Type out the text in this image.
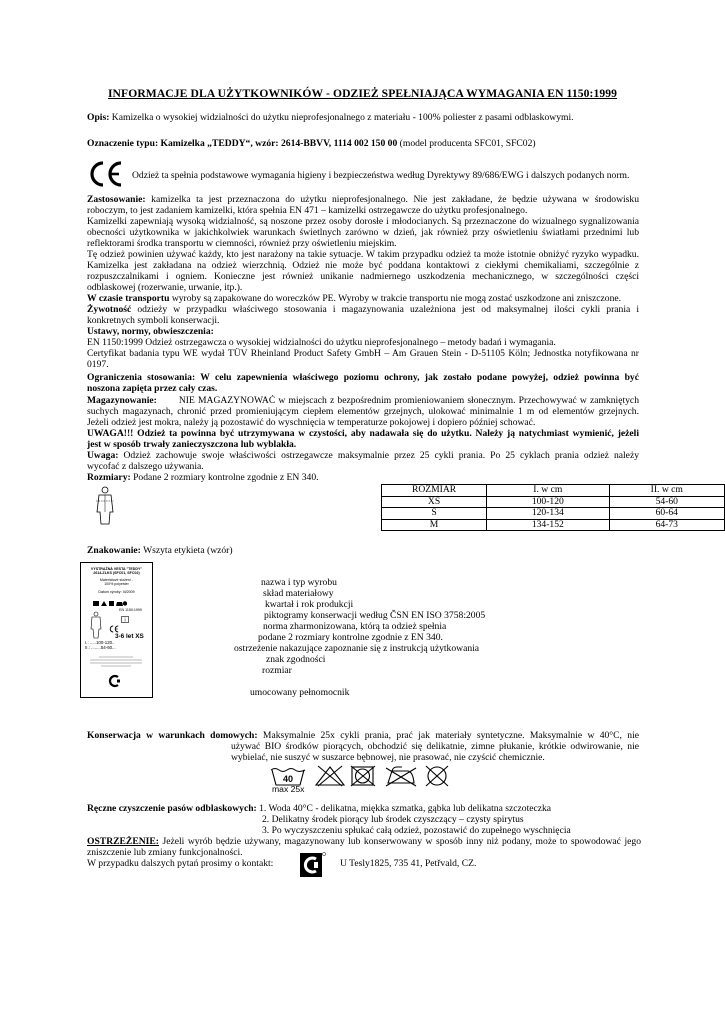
INFORMACJE DLA UŻYTKOWNIKÓW - ODZIEŻ SPEŁNIAJĄCA WYMAGANIA EN 1150:1999
Opis: Kamizelka o wysokiej widzialności do użytku nieprofesjonalnego z materiału - 100% poliester z pasami odblaskowymi.
Oznaczenie typu: Kamizelka „TEDDY“, wzór: 2614-BBVV, 1114 002 150 00 (model producenta SFC01, SFC02)
Odzież ta spełnia podstawowe wymagania higieny i bezpieczeństwa według Dyrektywy 89/686/EWG i dalszych podanych norm.
Zastosowanie: kamizelka ta jest przeznaczona do użytku nieprofesjonalnego. Nie jest zakładane, że będzie używana w środowisku
roboczym, to jest zadaniem kamizelki, która spełnia EN 471 – kamizelki ostrzegawcze do użytku profesjonalnego.
Kamizelki zapewniają wysoką widzialność, są noszone przez osoby dorosłe i młodocianych. Są przeznaczone do wizualnego sygnalizowania
obecności użytkownika w jakichkolwiek warunkach świetlnych zarówno w dzień, jak również przy oświetleniu światłami przednimi lub
reflektorami środka transportu w ciemności, również przy oświetleniu miejskim.
Tę odzież powinien używać każdy, kto jest narażony na takie sytuacje. W takim przypadku odzież ta może istotnie obniżyć ryzyko wypadku.
Kamizelka jest zakładana na odzież wierzchnią. Odzież nie może być poddana kontaktowi z ciekłymi chemikaliami, szczególnie z
rozpuszczalnikami i ogniem. Konieczne jest również unikanie nadmiernego uszkodzenia mechanicznego, w szczególności części
odblaskowej (rozerwanie, urwanie, itp.).
W czasie transportu wyroby są zapakowane do woreczków PE. Wyroby w trakcie transportu nie mogą zostać uszkodzone ani zniszczone.
Żywotność odzieży w przypadku właściwego stosowania i magazynowania uzależniona jest od maksymalnej ilości cykli prania i
konkretnych symboli konserwacji.
Ustawy, normy, obwieszczenia:
EN 1150:1999 Odzież ostrzegawcza o wysokiej widzialności do użytku nieprofesjonalnego – metody badań i wymagania.
Certyfikat badania typu WE wydał TÜV Rheinland Product Safety GmbH – Am Grauen Stein - D-51105 Köln; Jednostka notyfikowana nr
0197.
Ograniczenia stosowania: W celu zapewnienia właściwego poziomu ochrony, jak zostało podane powyżej, odzież powinna być
noszona zapięta przez cały czas.
Magazynowanie:       NIE MAGAZYNOWAĆ w miejscach z bezpośrednim promieniowaniem słonecznym. Przechowywać w zamkniętych
suchych magazynach, chronić przed promieniującym ciepłem elementów grzejnych, ulokować minimalnie 1 m od elementów grzejnych.
Jeżeli odzież jest mokra, należy ją pozostawić do wyschnięcia w temperaturze pokojowej i dopiero później schować.
UWAGA!!! Odzież ta powinna być utrzymywana w czystości, aby nadawała się do użytku. Należy ją natychmiast wymienić, jeżeli
jest w sposób trwały zanieczyszczona lub wyblakła.
Uwaga: Odzież zachowuje swoje właściwości ostrzegawcze maksymalnie przez 25 cykli prania. Po 25 cyklach prania odzież należy
wycofać z dalszego używania.
Rozmiary: Podane 2 rozmiary kontrolne zgodnie z EN 340.
ROZMIAR	I. w cm	II. w cm
XS	100-120	54-60
S	120-134	60-64
M	134-152	64-73
Znakowanie: Wszyta etykieta (wzór)
VÝSTRAŽNÁ VESTA "TEDDY"
2614-ZLKS (SFC01, SFC02)
Materiálové složení -
100% polyester
Datum výroby: III/2009
EN 1150:1999
i
3-6 let XS
I.: .....100-120..
II.: ........54-60...
nazwa i typ wyrobu
skład materiałowy
kwartał i rok produkcji
piktogramy konserwacji według ČSN EN ISO 3758:2005
norma zharmonizowana, którą ta odzież spełnia
podane 2 rozmiary kontrolne zgodnie z EN 340.
ostrzeżenie nakazujące zapoznanie się z instrukcją użytkowania
znak zgodności
rozmiar
umocowany pełnomocnik
Konserwacja w warunkach domowych: Maksymalnie 25x cykli prania, prać jak materiały syntetyczne. Maksymalnie w 40°C, nie
używać BIO środków piorących, obchodzić się delikatnie, zimne płukanie, krótkie odwirowanie, nie
wybielać, nie suszyć w suszarce bębnowej, nie prasować, nie czyścić chemicznie.
40
max 25x
Ręczne czyszczenie pasów odblaskowych: 1. Woda 40°C - delikatna, miękka szmatka, gąbka lub delikatna szczoteczka
2. Delikatny środek piorący lub środek czyszczący – czysty spirytus
3. Po wyczyszczeniu spłukać całą odzież, pozostawić do zupełnego wyschnięcia
OSTRZEŻENIE: Jeżeli wyrób będzie używany, magazynowany lub konserwowany w sposób inny niż podany, może to spowodować jego
zniszczenie lub zmiany funkcjonalności.
W przypadku dalszych pytań prosimy o kontakt:	U Tesly1825, 735 41, Petřvald, CZ.
